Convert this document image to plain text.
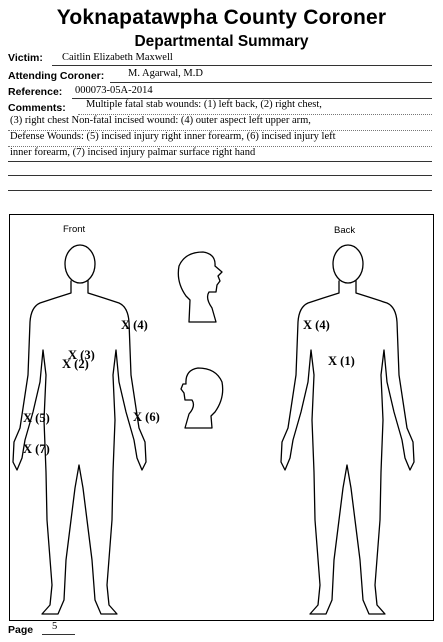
Yoknapatawpha County Coroner
Departmental Summary
Victim: Caitlin Elizabeth Maxwell
Attending Coroner: M. Agarwal, M.D
Reference: 000073-05A-2014
Comments: Multiple fatal stab wounds: (1) left back, (2) right chest,
(3) right chest Non-fatal incised wound: (4) outer aspect left upper arm,
Defense Wounds: (5) incised injury right inner forearm, (6) incised injury left
inner forearm, (7) incised injury palmar surface right hand
Front	Back
X (4)
X (3)
X (2)
X (5)	X (6)
X (7)
X (4)
X (1)
Page 5
